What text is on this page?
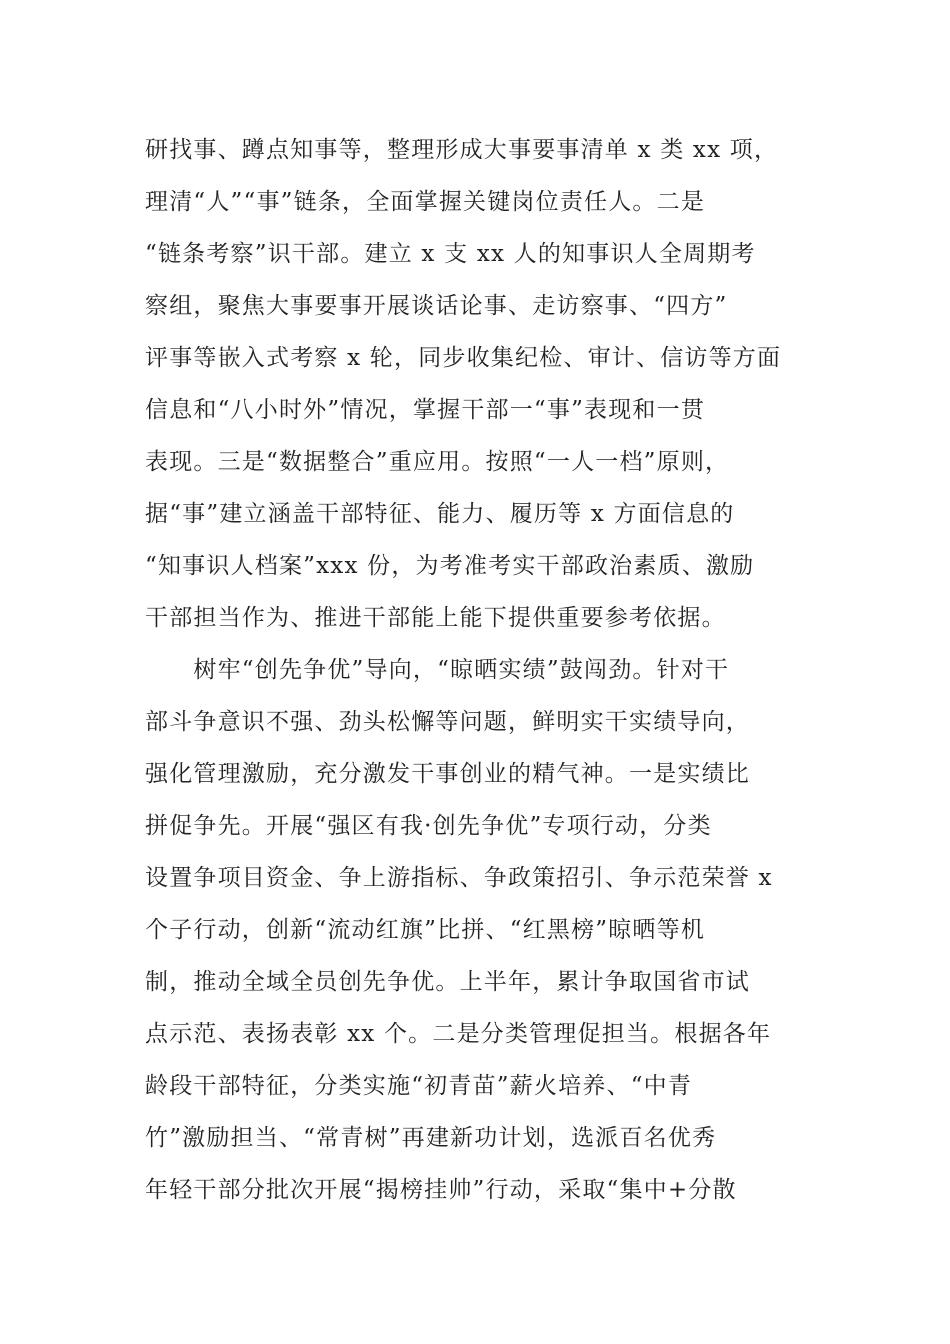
研找事、蹲点知事等，整理形成大事要事清单 x 类 xx 项，
理清“人”“事”链条，全面掌握关键岗位责任人。二是
“链条考察”识干部。建立 x 支 xx 人的知事识人全周期考
察组，聚焦大事要事开展谈话论事、走访察事、“四方”
评事等嵌入式考察 x 轮，同步收集纪检、审计、信访等方面
信息和“八小时外”情况，掌握干部一“事”表现和一贯
表现。三是“数据整合”重应用。按照“一人一档”原则，
据“事”建立涵盖干部特征、能力、履历等 x 方面信息的
“知事识人档案”xxx 份，为考准考实干部政治素质、激励
干部担当作为、推进干部能上能下提供重要参考依据。
　　树牢“创先争优”导向，“晾晒实绩”鼓闯劲。针对干
部斗争意识不强、劲头松懈等问题，鲜明实干实绩导向，
强化管理激励，充分激发干事创业的精气神。一是实绩比
拼促争先。开展“强区有我·创先争优”专项行动，分类
设置争项目资金、争上游指标、争政策招引、争示范荣誉 x
个子行动，创新“流动红旗”比拼、“红黑榜”晾晒等机
制，推动全域全员创先争优。上半年，累计争取国省市试
点示范、表扬表彰 xx 个。二是分类管理促担当。根据各年
龄段干部特征，分类实施“初青苗”薪火培养、“中青
竹”激励担当、“常青树”再建新功计划，选派百名优秀
年轻干部分批次开展“揭榜挂帅”行动，采取“集中+分散
